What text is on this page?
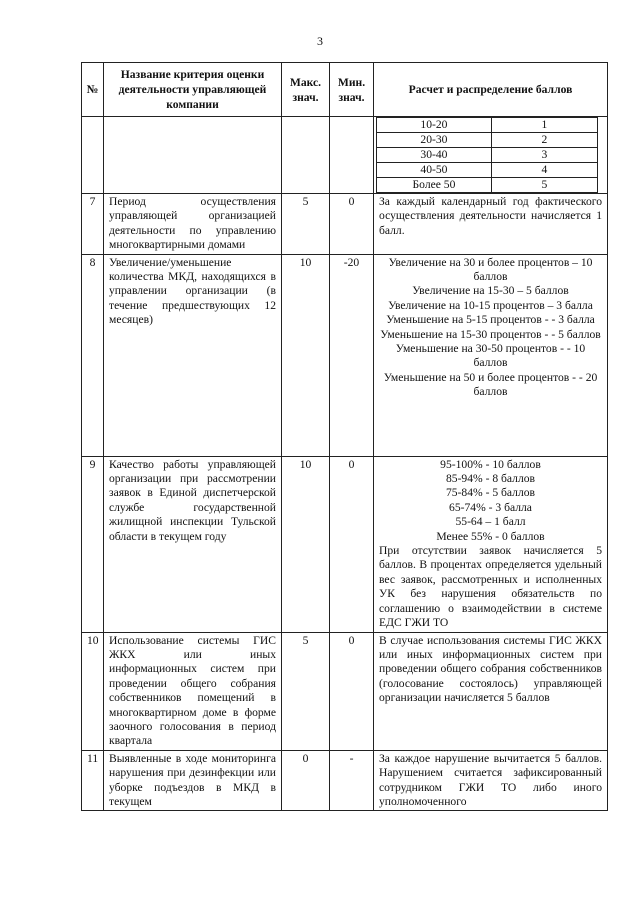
3
№	Название критерия оценки деятельности управляющей компании	Макс. знач.	Мин. знач.	Расчет и распределение баллов

10-20	1
20-30	2
30-40	3
40-50	4
Более 50	5

7	Период осуществления управляющей организацией деятельности по управлению многоквартирными домами	5	0	За каждый календарный год фактического осуществления деятельности начисляется 1 балл.
8	Увеличение/уменьшение количества МКД, находящихся в управлении организации (в течение предшествующих 12 месяцев)	10	-20	Увеличение на 30 и более процентов – 10 баллов
Увеличение на 15-30 – 5 баллов
Увеличение на 10-15 процентов – 3 балла
Уменьшение на 5-15 процентов - - 3 балла
Уменьшение на 15-30 процентов - - 5 баллов
Уменьшение на 30-50 процентов - - 10 баллов
Уменьшение на 50 и более процентов - - 20 баллов

9	Качество работы управляющей организации при рассмотрении заявок в Единой диспетчерской службе государственной жилищной инспекции Тульской области в текущем году	10	0	95-100% - 10 баллов
85-94% - 8 баллов
75-84% - 5 баллов
65-74% - 3 балла
55-64 – 1 балл
Менее 55% - 0 баллов
При отсутствии заявок начисляется 5 баллов. В процентах определяется удельный вес заявок, рассмотренных и исполненных УК без нарушения обязательств по соглашению о взаимодействии в системе ЕДС ГЖИ ТО

10	Использование системы ГИС ЖКХ или иных информационных систем при проведении общего собрания собственников помещений в многоквартирном доме в форме заочного голосования в период квартала	5	0	В случае использования системы ГИС ЖКХ или иных информационных систем при проведении общего собрания собственников (голосование состоялось) управляющей организации начисляется 5 баллов
11	Выявленные в ходе мониторинга нарушения при дезинфекции или уборке подъездов в МКД в текущем	0	-	За каждое нарушение вычитается 5 баллов. Нарушением считается зафиксированный сотрудником ГЖИ ТО либо иного уполномоченного
